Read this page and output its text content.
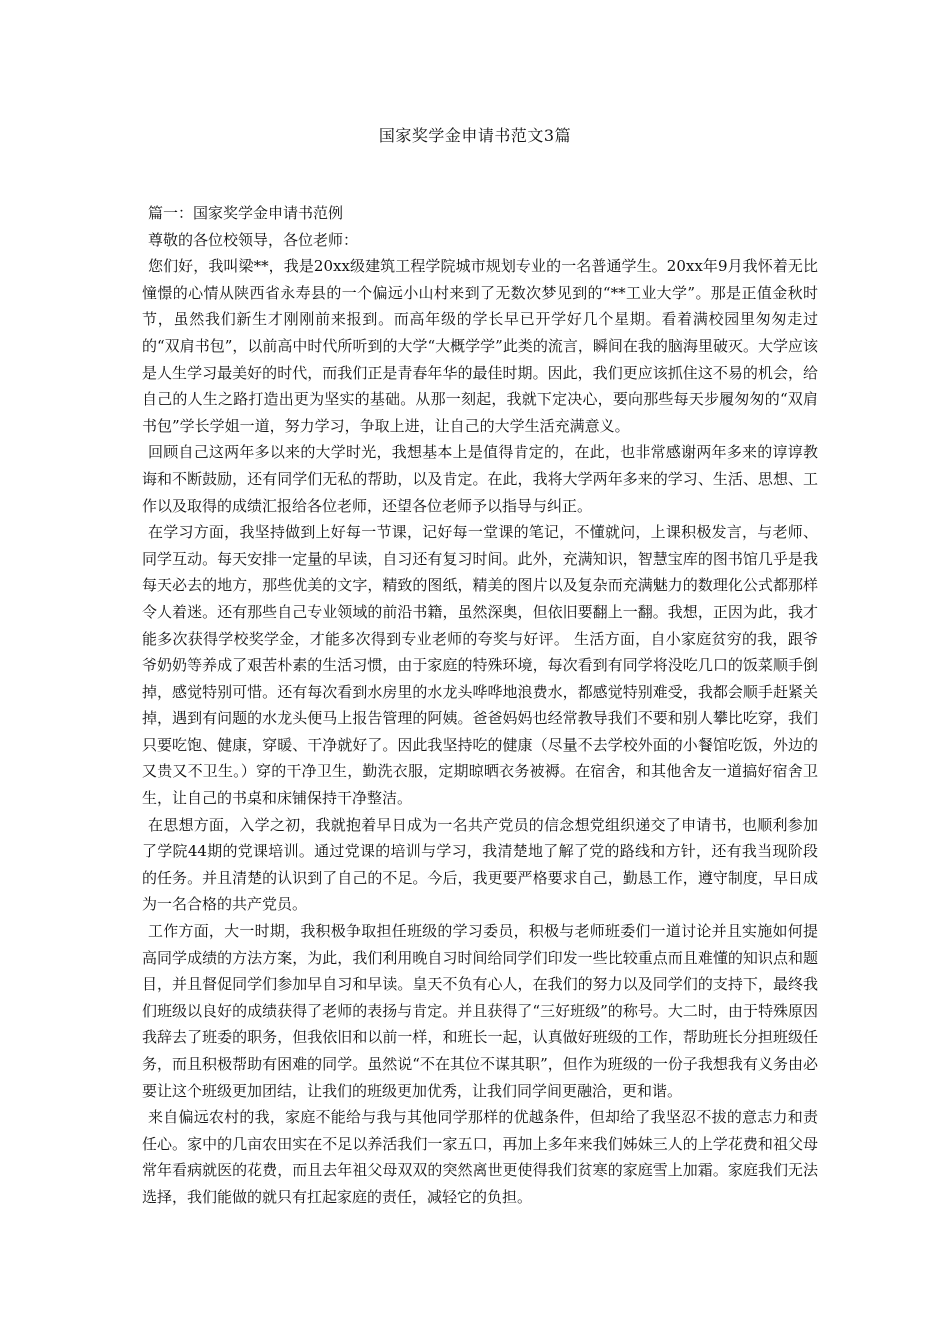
国家奖学金申请书范文3篇

篇一：国家奖学金申请书范例

尊敬的各位校领导，各位老师：

您们好，我叫梁**，我是20xx级建筑工程学院城市规划专业的一名普通学生。20xx年9月我怀着无比憧憬的心情从陕西省永寿县的一个偏远小山村来到了无数次梦见到的“**工业大学”。那是正值金秋时节，虽然我们新生才刚刚前来报到。而高年级的学长早已开学好几个星期。看着满校园里匆匆走过的“双肩书包”，以前高中时代所听到的大学“大概学学”此类的流言，瞬间在我的脑海里破灭。大学应该是人生学习最美好的时代，而我们正是青春年华的最佳时期。因此，我们更应该抓住这不易的机会，给自己的人生之路打造出更为坚实的基础。从那一刻起，我就下定决心，要向那些每天步履匆匆的“双肩书包”学长学姐一道，努力学习，争取上进，让自己的大学生活充满意义。

回顾自己这两年多以来的大学时光，我想基本上是值得肯定的，在此，也非常感谢两年多来的谆谆教诲和不断鼓励，还有同学们无私的帮助，以及肯定。在此，我将大学两年多来的学习、生活、思想、工作以及取得的成绩汇报给各位老师，还望各位老师予以指导与纠正。

在学习方面，我坚持做到上好每一节课，记好每一堂课的笔记，不懂就问，上课积极发言，与老师、同学互动。每天安排一定量的早读，自习还有复习时间。此外，充满知识，智慧宝库的图书馆几乎是我每天必去的地方，那些优美的文字，精致的图纸，精美的图片以及复杂而充满魅力的数理化公式都那样令人着迷。还有那些自己专业领域的前沿书籍，虽然深奥，但依旧要翻上一翻。我想，正因为此，我才能多次获得学校奖学金，才能多次得到专业老师的夸奖与好评。 生活方面，自小家庭贫穷的我，跟爷爷奶奶等养成了艰苦朴素的生活习惯，由于家庭的特殊环境，每次看到有同学将没吃几口的饭菜顺手倒掉，感觉特别可惜。还有每次看到水房里的水龙头哗哗地浪费水，都感觉特别难受，我都会顺手赶紧关掉，遇到有问题的水龙头便马上报告管理的阿姨。爸爸妈妈也经常教导我们不要和别人攀比吃穿，我们只要吃饱、健康，穿暖、干净就好了。因此我坚持吃的健康（尽量不去学校外面的小餐馆吃饭，外边的又贵又不卫生。）穿的干净卫生，勤洗衣服，定期晾晒衣务被褥。在宿舍，和其他舍友一道搞好宿舍卫生，让自己的书桌和床铺保持干净整洁。

在思想方面，入学之初，我就抱着早日成为一名共产党员的信念想党组织递交了申请书，也顺利参加了学院44期的党课培训。通过党课的培训与学习，我清楚地了解了党的路线和方针，还有我当现阶段的任务。并且清楚的认识到了自己的不足。今后，我更要严格要求自己，勤恳工作，遵守制度，早日成为一名合格的共产党员。

工作方面，大一时期，我积极争取担任班级的学习委员，积极与老师班委们一道讨论并且实施如何提高同学成绩的方法方案，为此，我们利用晚自习时间给同学们印发一些比较重点而且难懂的知识点和题目，并且督促同学们参加早自习和早读。皇天不负有心人，在我们的努力以及同学们的支持下，最终我们班级以良好的成绩获得了老师的表扬与肯定。并且获得了“三好班级”的称号。大二时，由于特殊原因我辞去了班委的职务，但我依旧和以前一样，和班长一起，认真做好班级的工作，帮助班长分担班级任务，而且积极帮助有困难的同学。虽然说“不在其位不谋其职”，但作为班级的一份子我想我有义务由必要让这个班级更加团结，让我们的班级更加优秀，让我们同学间更融洽，更和谐。

来自偏远农村的我，家庭不能给与我与其他同学那样的优越条件，但却给了我坚忍不拔的意志力和责任心。家中的几亩农田实在不足以养活我们一家五口，再加上多年来我们姊妹三人的上学花费和祖父母常年看病就医的花费，而且去年祖父母双双的突然离世更使得我们贫寒的家庭雪上加霜。家庭我们无法选择，我们能做的就只有扛起家庭的责任，减轻它的负担。
